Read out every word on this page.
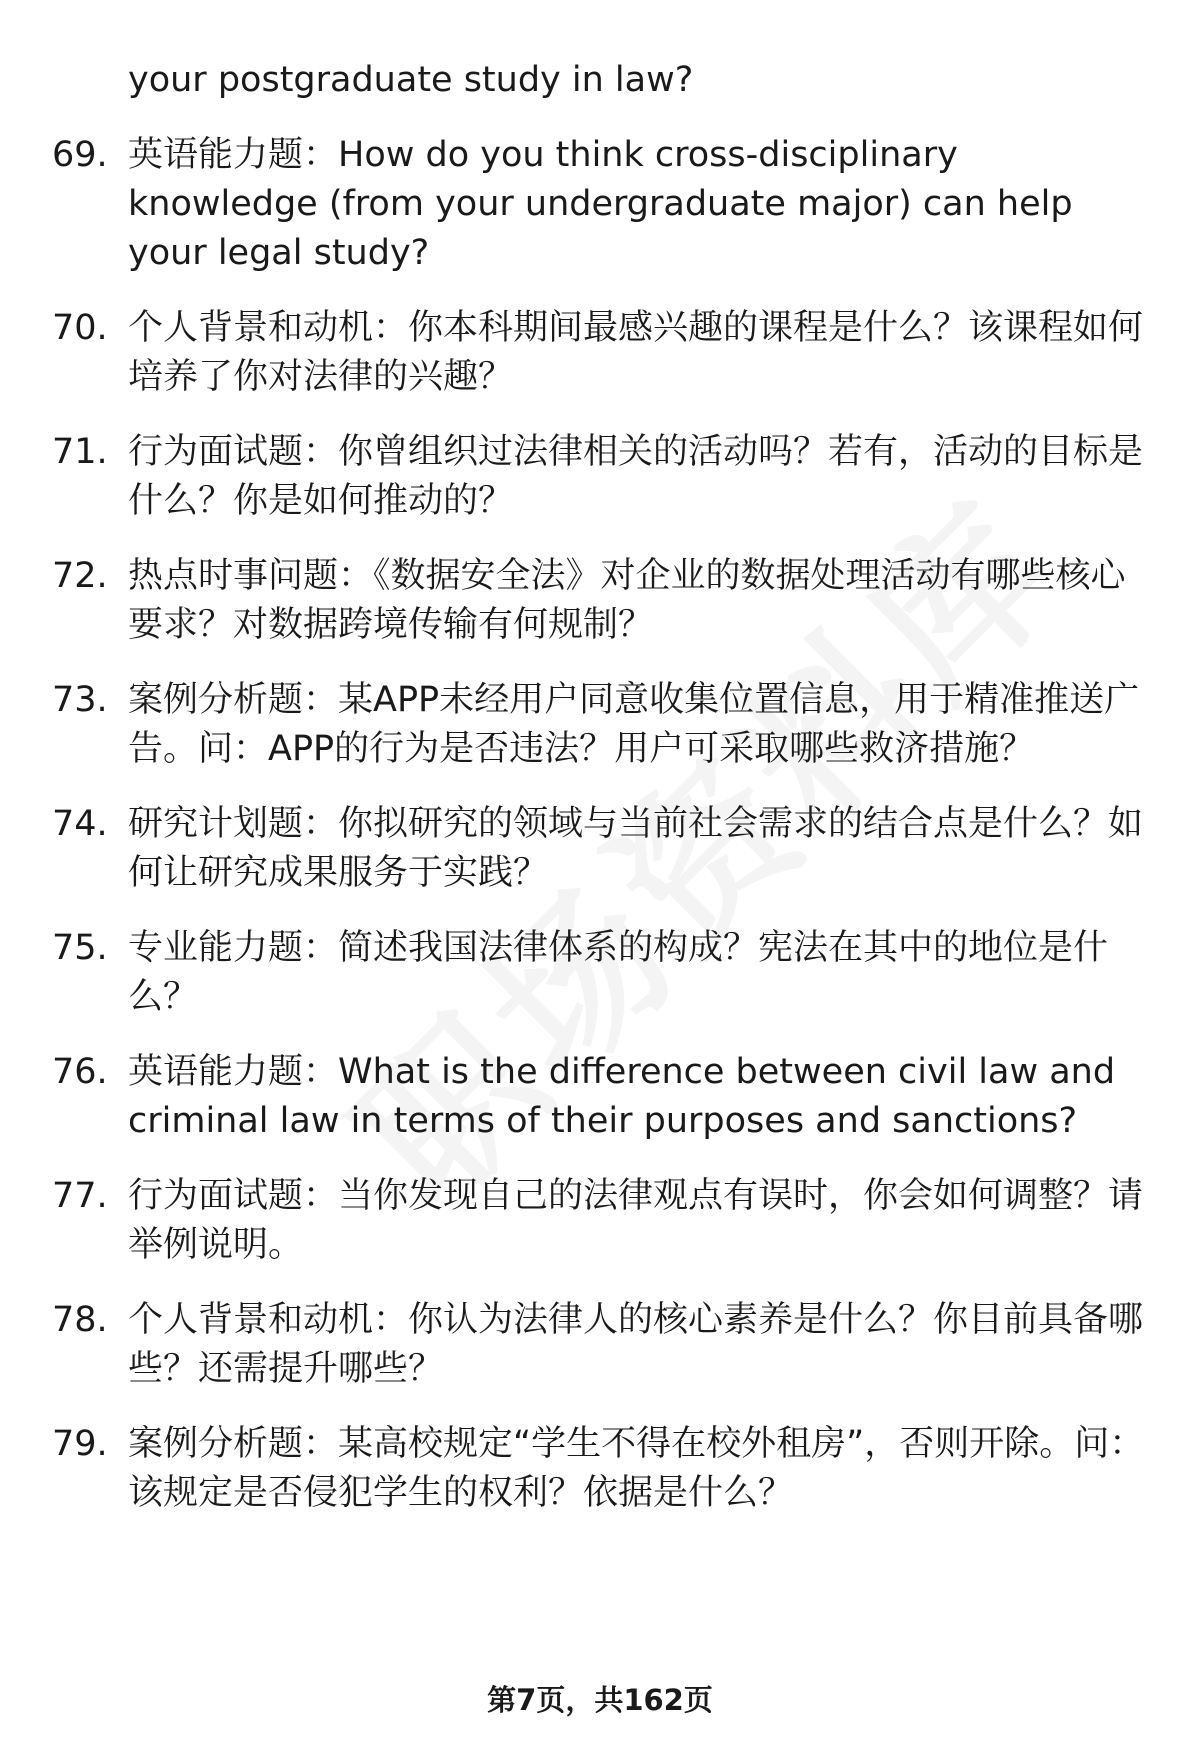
your postgraduate study in law?
69. 英语能力题：How do you think cross-disciplinary knowledge (from your undergraduate major) can help your legal study?
70. 个人背景和动机：你本科期间最感兴趣的课程是什么？该课程如何培养了你对法律的兴趣？
71. 行为面试题：你曾组织过法律相关的活动吗？若有，活动的目标是什么？你是如何推动的？
72. 热点时事问题：《数据安全法》对企业的数据处理活动有哪些核心要求？对数据跨境传输有何规制？
73. 案例分析题：某APP未经用户同意收集位置信息，用于精准推送广告。问：APP的行为是否违法？用户可采取哪些救济措施？
74. 研究计划题：你拟研究的领域与当前社会需求的结合点是什么？如何让研究成果服务于实践？
75. 专业能力题：简述我国法律体系的构成？宪法在其中的地位是什么？
76. 英语能力题：What is the difference between civil law and criminal law in terms of their purposes and sanctions?
77. 行为面试题：当你发现自己的法律观点有误时，你会如何调整？请举例说明。
78. 个人背景和动机：你认为法律人的核心素养是什么？你目前具备哪些？还需提升哪些？
79. 案例分析题：某高校规定“学生不得在校外租房”，否则开除。问：该规定是否侵犯学生的权利？依据是什么？
第7页，共162页
